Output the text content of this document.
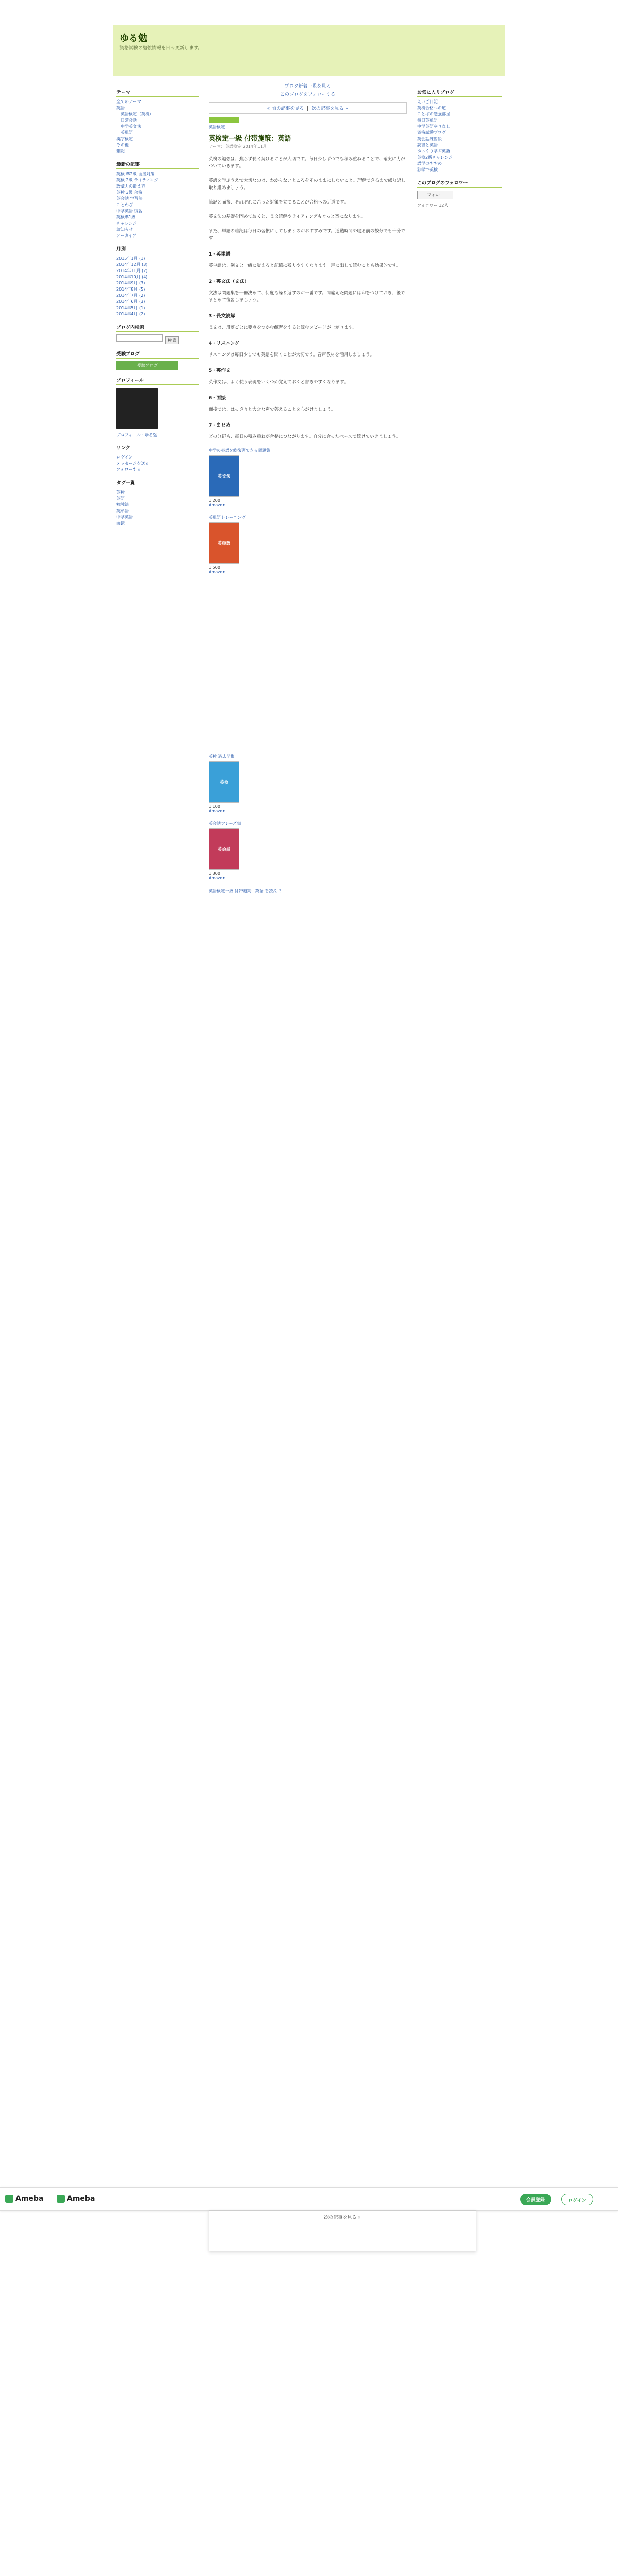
ゆる勉
資格試験の勉強情報を日々更新します。
テーマ
全てのテーマ
英語
英語検定（英検）
日常会話
中学英文法
英単語
漢字検定
その他
雑記
最新の記事
英検 準2級 面接対策
英検 2級 ライティング
語彙力の鍛え方
英検 3級 合格
英会話 学習法
ことわざ
中学英語 復習
英検準1級
チャレンジ
お知らせ
アーカイブ
月別
2015年1月 (1)
2014年12月 (3)
2014年11月 (2)
2014年10月 (4)
2014年9月 (3)
2014年8月 (5)
2014年7月 (2)
2014年6月 (3)
2014年5月 (1)
2014年4月 (2)
ブログ内検索
検索
受験ブログ
受験ブログ
プロフィール
プロフィール・ゆる勉
リンク
ログイン
メッセージを送る
フォローする
タグ一覧
英検
英語
勉強法
英単語
中学英語
面接
ブログ新着一覧を見る
このブログをフォローする
« 前の記事を見る  |  次の記事を見る »
英語検定
英検定一級 付帯施策：英語
テーマ：英語検定 2014年11月

英検の勉強は、焦らず長く続けることが大切です。毎日少しずつでも積み重ねることで、確実に力がついていきます。

英語を学ぶうえで大切なのは、わからないところをそのままにしないこと。理解できるまで繰り返し取り組みましょう。

筆記と面接、それぞれに合った対策を立てることが合格への近道です。

英文法の基礎を固めておくと、長文読解やライティングもぐっと楽になります。

また、単語の暗記は毎日の習慣にしてしまうのがおすすめです。通勤時間や寝る前の数分でも十分です。

1・英単語

英単語は、例文と一緒に覚えると記憶に残りやすくなります。声に出して読むことも効果的です。

2・英文法（文法）

文法は問題集を一冊決めて、何度も繰り返すのが一番です。間違えた問題には印をつけておき、後でまとめて復習しましょう。

3・長文読解

長文は、段落ごとに要点をつかむ練習をすると読むスピードが上がります。

4・リスニング

リスニングは毎日少しでも英語を聞くことが大切です。音声教材を活用しましょう。

5・英作文

英作文は、よく使う表現をいくつか覚えておくと書きやすくなります。

6・面接

面接では、はっきりと大きな声で答えることを心がけましょう。

7・まとめ

どの分野も、毎日の積み重ねが合格につながります。自分に合ったペースで続けていきましょう。

中学の英語を総復習できる問題集
英文法
1,200
Amazon
英単語トレーニング
英単語
1,500
Amazon
英検 過去問集
英検
1,100
Amazon
英会話フレーズ集
英会話
1,300
Amazon

英語検定一級 付帯施策：英語 を読んで

お気に入りブログ
えいご日記
英検合格への道
ことばの勉強部屋
毎日英単語
中学英語やり直し
資格試験ブログ
英会話練習帳
読書と英語
ゆっくり学ぶ英語
英検2級チャレンジ
語学のすすめ
独学で英検
このブログのフォロワー
フォロー
フォロワー 12人
Ameba	Ameba	会員登録	ログイン
次の記事を見る »
